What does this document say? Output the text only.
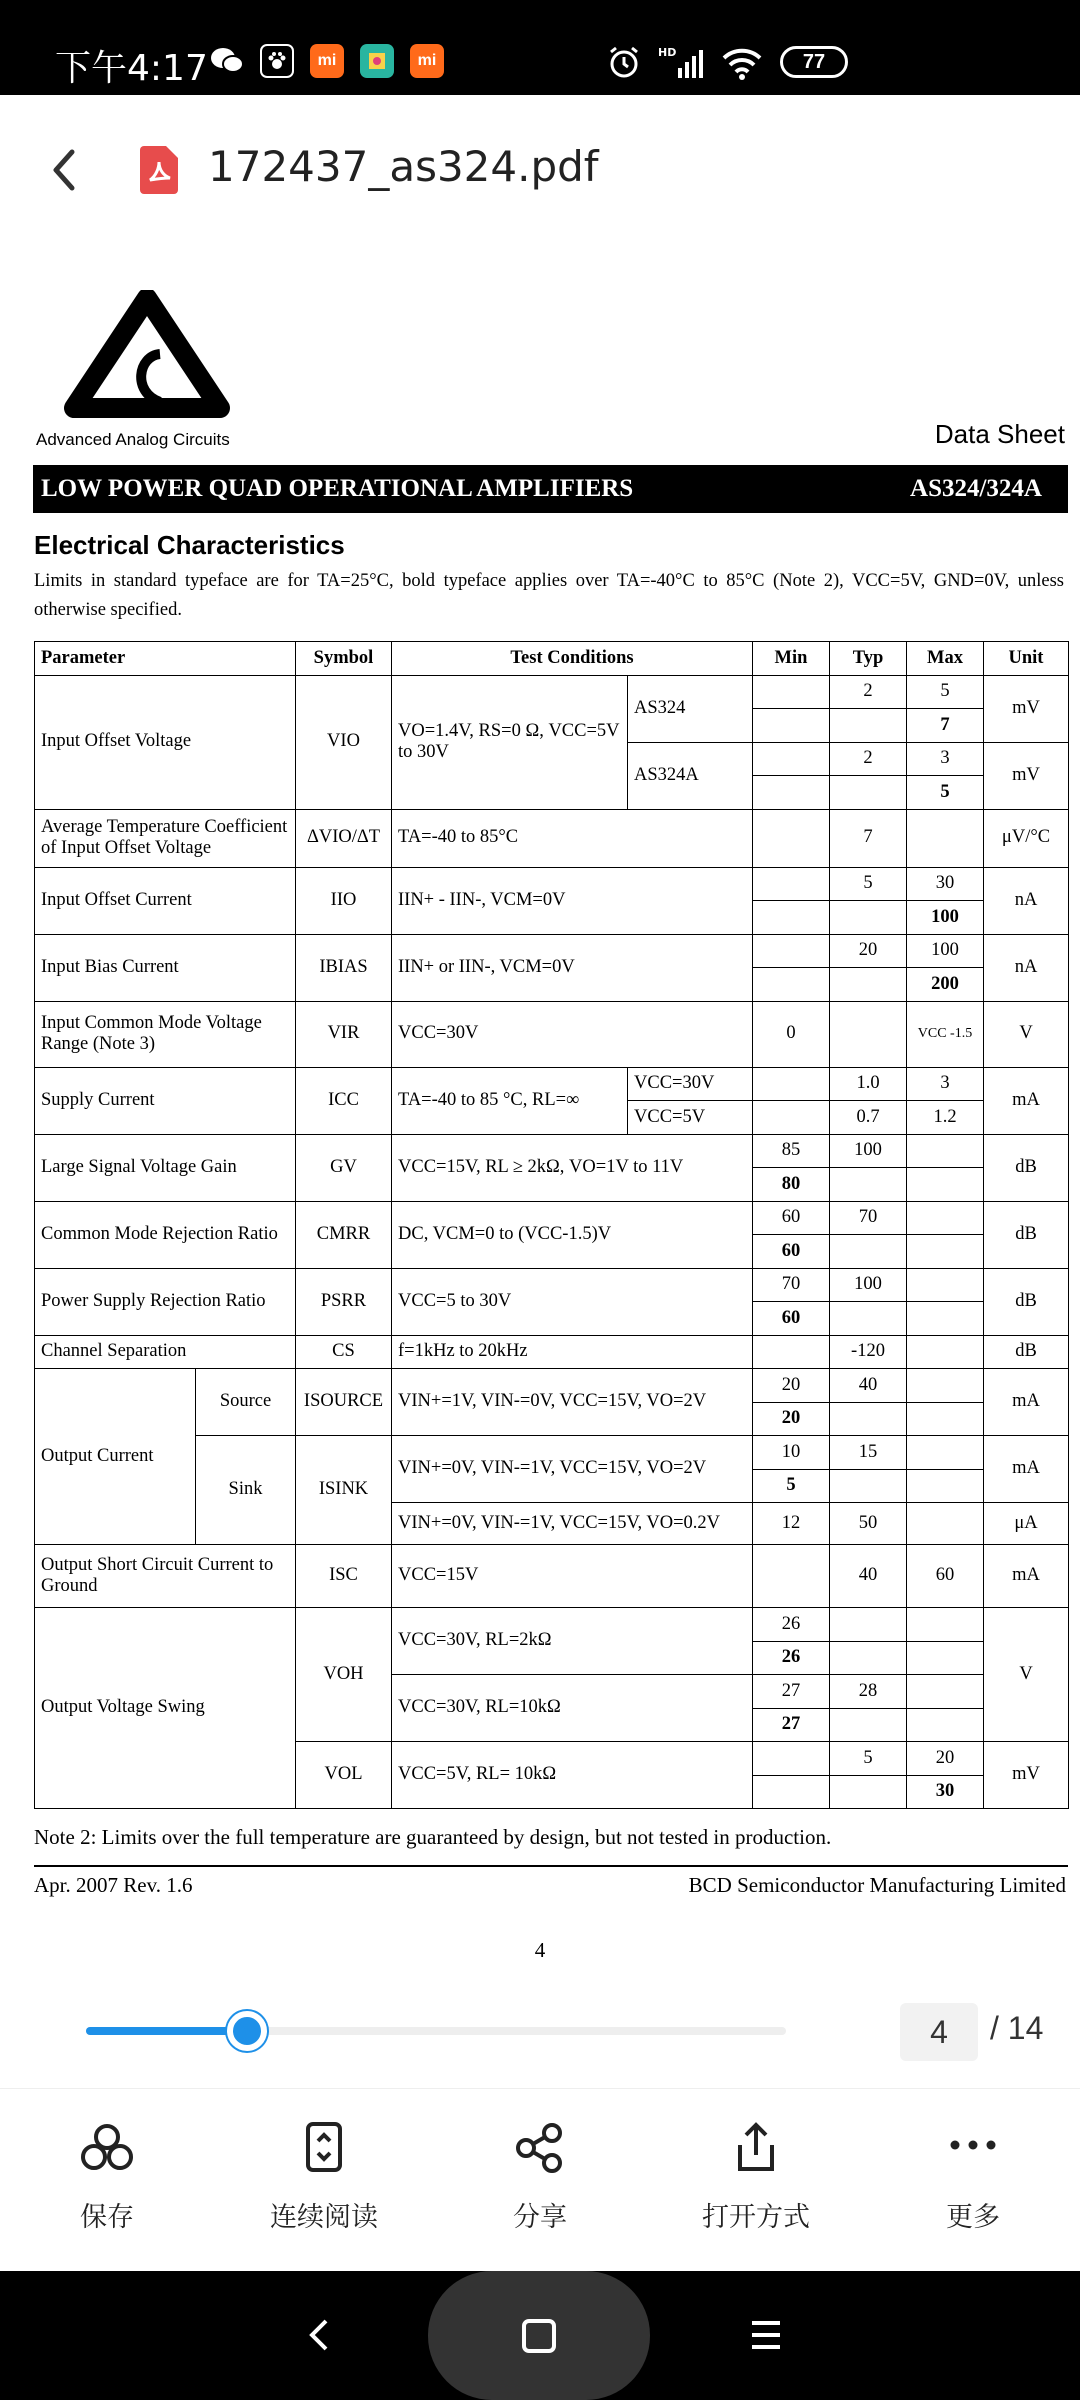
下午4:17	mi	mi	HD	77
172437_as324.pdf
Advanced Analog Circuits	Data Sheet
LOW POWER QUAD OPERATIONAL AMPLIFIERS	AS324/324A
Electrical Characteristics
Limits in standard typeface are for TA=25°C, bold typeface applies over TA=-40°C to 85°C (Note 2), VCC=5V, GND=0V, unless otherwise specified.
Parameter		Symbol	Test Conditions		Min	Typ	Max	Unit
Input Offset Voltage		VIO	VO=1.4V, RS=0 Ω, VCC=5V to 30V	AS324		2	5	mV
							7	
				AS324A		2	3	mV
							5	
Average Temperature Coefficient of Input Offset Voltage		ΔVIO/ΔT	TA=-40 to 85°C			7		μV/°C
Input Offset Current		IIO	IIN+ - IIN-, VCM=0V			5	30	nA
							100	
Input Bias Current		IBIAS	IIN+ or IIN-, VCM=0V			20	100	nA
							200	
Input Common Mode Voltage Range (Note 3)		VIR	VCC=30V		0		VCC -1.5	V
Supply Current		ICC	TA=-40 to 85 °C, RL=∞	VCC=30V		1.0	3	mA
				VCC=5V		0.7	1.2	
Large Signal Voltage Gain		GV	VCC=15V, RL ≥ 2kΩ, VO=1V to 11V		85	100		dB
					80			
Common Mode Rejection Ratio		CMRR	DC, VCM=0 to (VCC-1.5)V		60	70		dB
					60			
Power Supply Rejection Ratio		PSRR	VCC=5 to 30V		70	100		dB
					60			
Channel Separation		CS	f=1kHz to 20kHz			-120		dB
Output Current	Source	ISOURCE	VIN+=1V, VIN-=0V, VCC=15V, VO=2V		20	40		mA
					20			
	Sink	ISINK	VIN+=0V, VIN-=1V, VCC=15V, VO=2V		10	15		mA
					5			
			VIN+=0V, VIN-=1V, VCC=15V, VO=0.2V		12	50		μA
Output Short Circuit Current to Ground		ISC	VCC=15V			40	60	mA
Output Voltage Swing		VOH	VCC=30V, RL=2kΩ		26			V
					26			
			VCC=30V, RL=10kΩ		27	28		
					27			
		VOL	VCC=5V, RL= 10kΩ			5	20	mV
							30	
Note 2: Limits over the full temperature are guaranteed by design, but not tested in production.
Apr. 2007 Rev. 1.6	BCD Semiconductor Manufacturing Limited
4
4	/ 14
保存	连续阅读	分享	打开方式	更多
